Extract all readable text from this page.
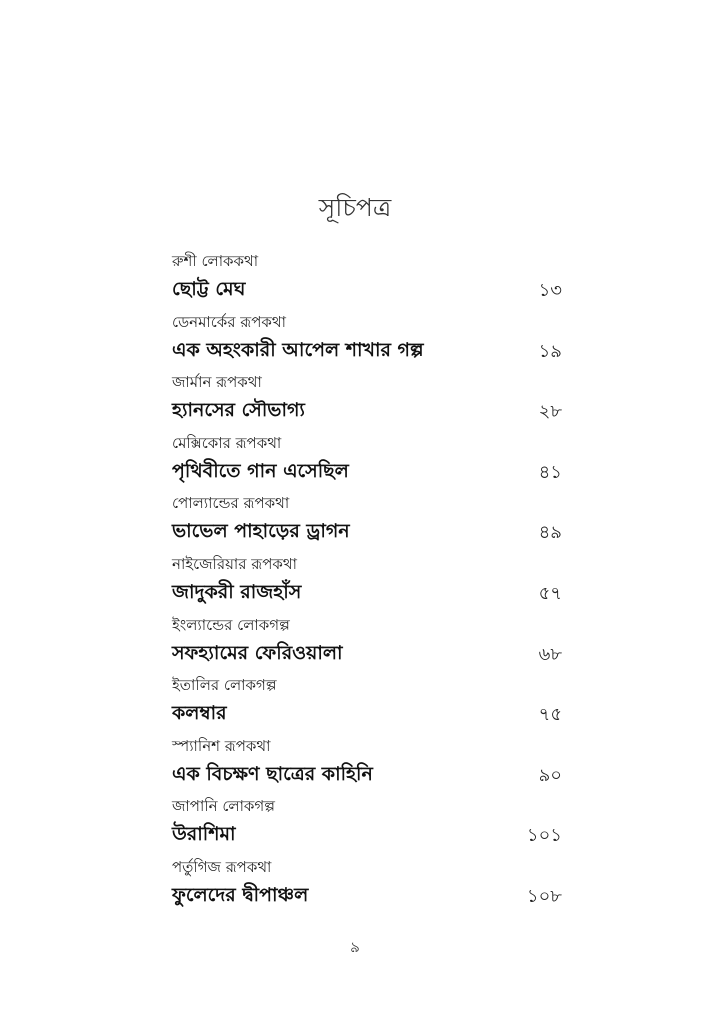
সূচিপত্র
রুশী লোককথা
ছোট্ট মেঘ	১৩
ডেনমার্কের রূপকথা
এক অহংকারী আপেল শাখার গল্প	১৯
জার্মান রূপকথা
হ্যানসের সৌভাগ্য	২৮
মেক্সিকোর রূপকথা
পৃথিবীতে গান এসেছিল	৪১
পোল্যান্ডের রূপকথা
ভাভেল পাহাড়ের ড্রাগন	৪৯
নাইজেরিয়ার রূপকথা
জাদুকরী রাজহাঁস	৫৭
ইংল্যান্ডের লোকগল্প
সফহ্যামের ফেরিওয়ালা	৬৮
ইতালির লোকগল্প
কলম্বার	৭৫
স্প্যানিশ রূপকথা
এক বিচক্ষণ ছাত্রের কাহিনি	৯০
জাপানি লোকগল্প
উরাশিমা	১০১
পর্তুগিজ রূপকথা
ফুলেদের দ্বীপাঞ্চল	১০৮
৯
